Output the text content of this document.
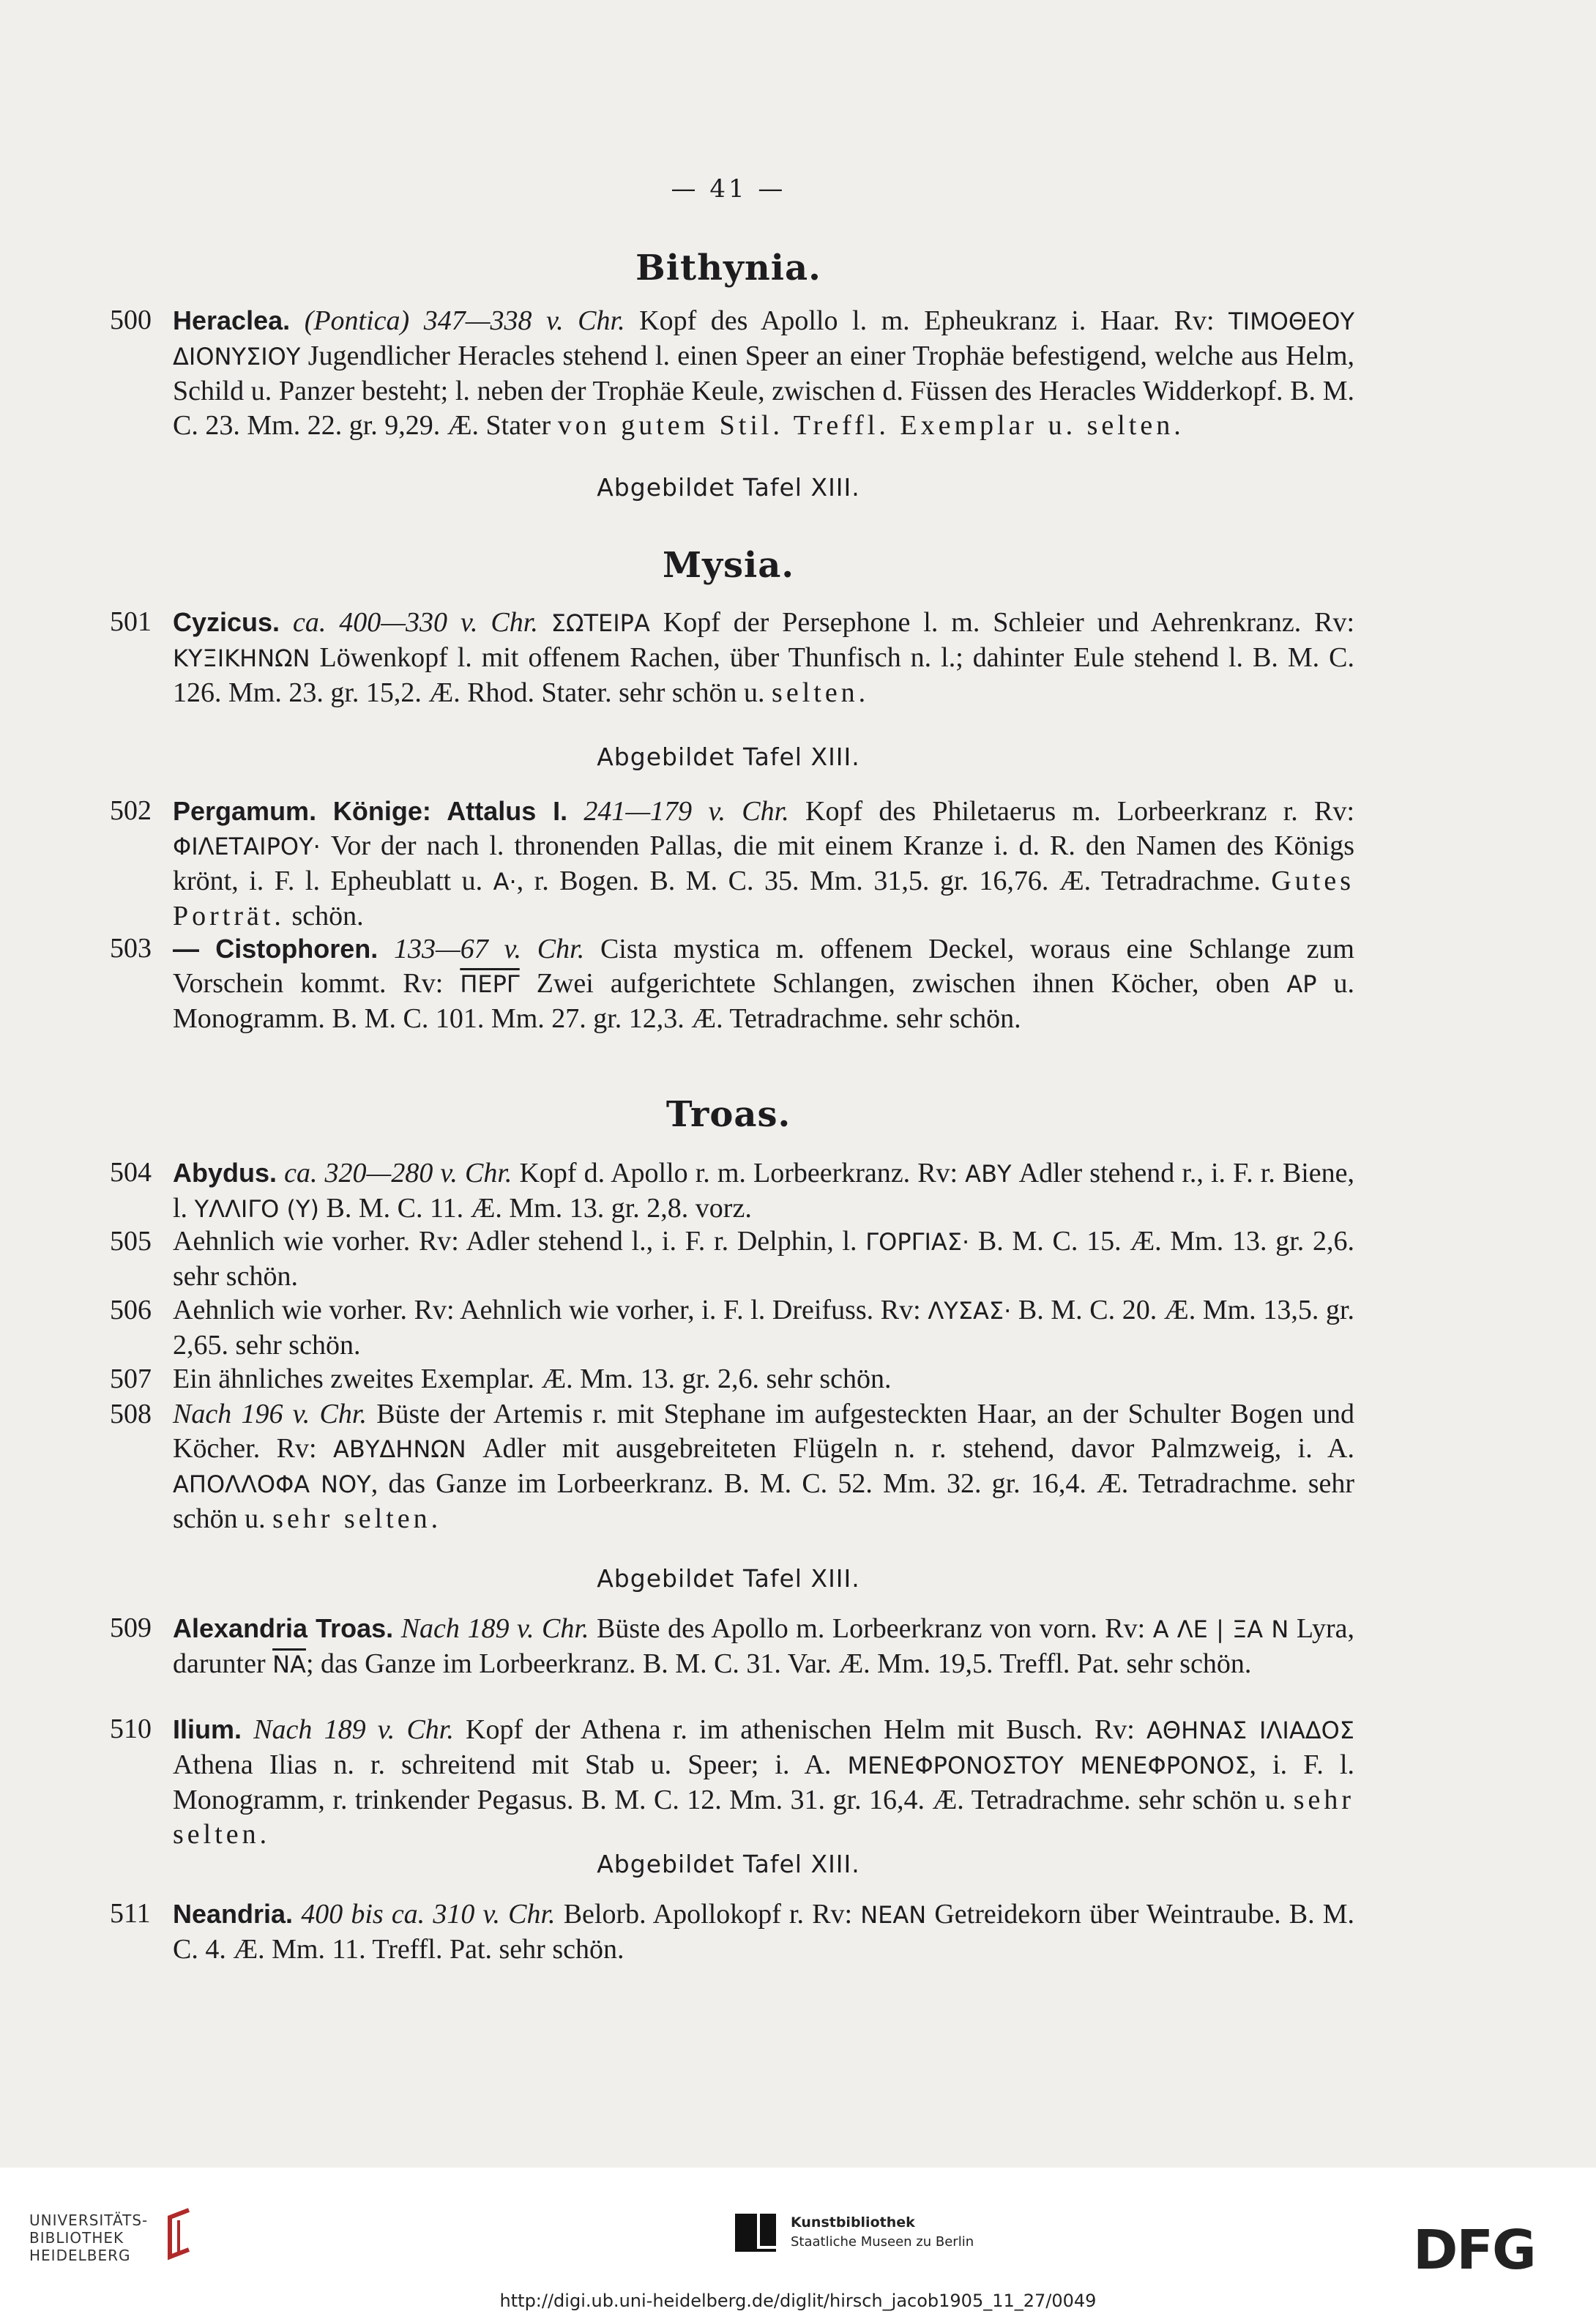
— 41 —
Bithynia.
500 Heraclea. (Pontica) 347—338 v. Chr. Kopf des Apollo l. m. Epheukranz i. Haar. Rv: ΤΙΜΟΘΕΟΥ ΔΙΟΝΥΣΙΟΥ Jugendlicher Heracles stehend l. einen Speer an einer Trophäe befestigend, welche aus Helm, Schild u. Panzer besteht; l. neben der Trophäe Keule, zwischen d. Füssen des Heracles Widderkopf. B. M. C. 23. Mm. 22. gr. 9,29. Æ. Stater von gutem Stil. Treffl. Exemplar u. selten.
Abgebildet Tafel XIII.
Mysia.
501 Cyzicus. ca. 400—330 v. Chr. ΣΩΤΕΙΡΑ Kopf der Persephone l. m. Schleier und Aehrenkranz. Rv: ΚΥΞΙΚΗΝΩΝ Löwenkopf l. mit offenem Rachen, über Thunfisch n. l.; dahinter Eule stehend l. B. M. C. 126. Mm. 23. gr. 15,2. Æ. Rhod. Stater. sehr schön u. selten.
Abgebildet Tafel XIII.
502 Pergamum. Könige: Attalus I. 241—179 v. Chr. Kopf des Philetaerus m. Lorbeerkranz r. Rv: ΦΙΛΕΤΑΙΡΟΥ· Vor der nach l. thronenden Pallas, die mit einem Kranze i. d. R. den Namen des Königs krönt, i. F. l. Epheublatt u. Α·, r. Bogen. B. M. C. 35. Mm. 31,5. gr. 16,76. Æ. Tetradrachme. Gutes Porträt. schön.
503 — Cistophoren. 133—67 v. Chr. Cista mystica m. offenem Deckel, woraus eine Schlange zum Vorschein kommt. Rv: ΠΕΡΓ Zwei aufgerichtete Schlangen, zwischen ihnen Köcher, oben ΑΡ u. Monogramm. B. M. C. 101. Mm. 27. gr. 12,3. Æ. Tetradrachme. sehr schön.
Troas.
504 Abydus. ca. 320—280 v. Chr. Kopf d. Apollo r. m. Lorbeerkranz. Rv: ΑΒΥ Adler stehend r., i. F. r. Biene, l. ΥΛΛΙΓΟ (Υ) B. M. C. 11. Æ. Mm. 13. gr. 2,8. vorz.
505 Aehnlich wie vorher. Rv: Adler stehend l., i. F. r. Delphin, l. ΓΟΡΓΙΑΣ· B. M. C. 15. Æ. Mm. 13. gr. 2,6. sehr schön.
506 Aehnlich wie vorher. Rv: Aehnlich wie vorher, i. F. l. Dreifuss. Rv: ΛΥΣΑΣ· B. M. C. 20. Æ. Mm. 13,5. gr. 2,65. sehr schön.
507 Ein ähnliches zweites Exemplar. Æ. Mm. 13. gr. 2,6. sehr schön.
508 Nach 196 v. Chr. Büste der Artemis r. mit Stephane im aufgesteckten Haar, an der Schulter Bogen und Köcher. Rv: ΑΒΥΔΗΝΩΝ Adler mit ausgebreiteten Flügeln n. r. stehend, davor Palmzweig, i. A. ΑΠΟΛΛΟΦΑ ΝΟΥ, das Ganze im Lorbeerkranz. B. M. C. 52. Mm. 32. gr. 16,4. Æ. Tetradrachme. sehr schön u. sehr selten.
Abgebildet Tafel XIII.
509 Alexandria Troas. Nach 189 v. Chr. Büste des Apollo m. Lorbeerkranz von vorn. Rv: Α ΛΕ | ΞΑ Ν Lyra, darunter $\overline{NA}$; das Ganze im Lorbeerkranz. B. M. C. 31. Var. Æ. Mm. 19,5. Treffl. Pat. sehr schön.
510 Ilium. Nach 189 v. Chr. Kopf der Athena r. im athenischen Helm mit Busch. Rv: ΑΘΗΝΑΣ ΙΛΙΑΔΟΣ Athena Ilias n. r. schreitend mit Stab u. Speer; i. A. ΜΕΝΕΦΡΟΝΟΣΤΟΥ ΜΕΝΕΦΡΟΝΟΣ, i. F. l. Monogramm, r. trinkender Pegasus. B. M. C. 12. Mm. 31. gr. 16,4. Æ. Tetradrachme. sehr schön u. sehr selten.
Abgebildet Tafel XIII.
511 Neandria. 400 bis ca. 310 v. Chr. Belorb. Apollokopf r. Rv: ΝΕΑΝ Getreidekorn über Weintraube. B. M. C. 4. Æ. Mm. 11. Treffl. Pat. sehr schön.
UNIVERSITÄTS-
BIBLIOTHEK
HEIDELBERG
Kunstbibliothek
Staatliche Museen zu Berlin	DFG
http://digi.ub.uni-heidelberg.de/diglit/hirsch_jacob1905_11_27/0049
